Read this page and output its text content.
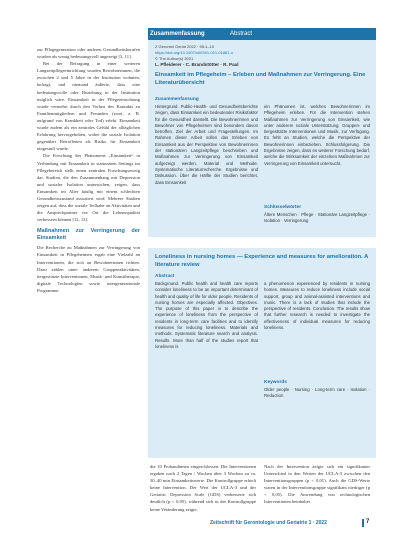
zur Pflegegeneration oder anderen Gesundheitsberufen wurden als wenig bedeutungsvoll angezeigt [3, 11].

Bei der Befragung in einer weiteren Langzeitpflegeeinrichtung wurden Bewohnerinnen, die zwischen 2 und 5 Jahre in der Institution wohnten, befragt, und niemand äußerte, dass eine bedeutungsvolle oder Beziehung in der Institution möglich wäre. Einsamkeit in der Pflegeeinrichtung wurde vermehrt durch den Verlust des Kontakts zu Familienmitgliedern und Freunden (zwei, z. B. aufgrund von Krankheit oder Tod) erlebt. Einsamkeit wurde zudem als ein zentrales Gefühl der alltäglichen Erfahrung hervorgehoben, wobei die soziale Isolation gegenüber Betroffenen als Risiko für Einsamkeit eingestuft wurde.

Die Forschung des Phänomens „Einsamkeit“ in Verbindung mit Einsamkeit in stationären Settings im Pflegebereich stellt einen zentralen Forschungszweig dar. Studien, die den Zusammenhang mit Depression und sozialer Isolation untersuchen, zeigen, dass Einsamkeit im Alter häufig mit einem schlechten Gesundheitszustand assoziiert wird. Mehrere Studien zeigen auf, dass die soziale Teilhabe an Aktivitäten und die Ansprechpartner vor Ort die Lebensqualität verbessern können [12, 13].

Maßnahmen zur Verringerung der Einsamkeit

Die Recherche zu Maßnahmen zur Verringerung von Einsamkeit in Pflegeheimen ergab eine Vielzahl an Interventionen, die sich an Bewohnerinnen richten. Dazu zählen unter anderem Gruppenaktivitäten, tiergestützte Interventionen, Musik- und Kunsttherapie, digitale Technologien sowie intergenerationale Programme.

Zusammenfassung	Abstract
Z Gerontol Geriat 2022 · 55:1–10
https://doi.org/10.1007/s00391-021-01881-x
© The Author(s) 2021
L. Pfleiderer · C. Brandstötter · R. Paal
Einsamkeit im Pflegeheim – Erleben und Maßnahmen zur Verringerung. Eine Literaturübersicht
Zusammenfassung
Hintergrund. Public-Health- und Gesundheitsberichte zeigen, dass Einsamkeit ein bedeutender Risikofaktor für die Gesundheit darstellt. Die Bewohnerinnen und Bewohner von Pflegeheimen sind besonders davon betroffen. Ziel der Arbeit und Fragestellungen. Im Rahmen dieser Arbeit sollen das Erleben von Einsamkeit aus der Perspektive von Bewohnerinnen der stationären Langzeitpflege beschrieben und Maßnahmen zur Verringerung von Einsamkeit aufgezeigt werden. Material und Methode. Systematische Literaturrecherche. Ergebnisse und Diskussion. Über die Hälfte der Studien berichtet, dass Einsamkeit
ein Phänomen ist, welches Bewohnerinnen im Pflegeheim erleben. Für die Intervention stehen Maßnahmen zur Verringerung von Einsamkeit, wie unter anderem soziale Unterstützung, Gruppen- und tiergestützte Interventionen und Musik, zur Verfügung. Es fehlt an Studien, welche die Perspektive der Bewohnerinnen einbeziehen. Schlussfolgerung. Die Ergebnisse zeigen, dass es weiterer Forschung bedarf, welche die Wirksamkeit der einzelnen Maßnahmen zur Verringerung von Einsamkeit untersucht.
Schlüsselwörter
Ältere Menschen · Pflege · Stationäre Langzeitpflege · Isolation · Verringerung
Loneliness in nursing homes — Experience and measures for amelioration. A literature review
Abstract
Background. Public health and health care reports consider loneliness to be an important determinant of health and quality of life for older people. Residents of nursing homes are especially affected. Objectives. The purpose of this paper is to describe the experience of loneliness from the perspective of residents in long-term care facilities and to identify measures for reducing loneliness. Materials and methods. Systematic literature search and analysis. Results. More than half of the studies report that loneliness is
a phenomenon experienced by residents in nursing homes. Measures to reduce loneliness include social support, group and animal-assisted interventions and music. There is a lack of studies that include the perspective of residents. Conclusion. The results show that further research is needed to investigate the effectiveness of individual measures for reducing loneliness.
Keywords
Older people · Nursing · Long-term care · Isolation · Reduction
die 10 Probandinnen eingeschlossen. Die Interventionen ergaben nach 2 Tagen / Wochen über 3 Wochen zu ca. 30–40 min Einsamkeitswerte. Die Kontrollgruppe erhielt keine Intervention. Der Wert der UCLA-3 und der Geriatric Depression Scale (GDS) verbesserte sich deutlich (p < 0,05), während sich in der Kontrollgruppe keine Veränderung zeigte.
Nach der Intervention zeigte sich ein signifikanter Unterschied in den Werten der UCLA-3 zwischen den Interventionsgruppen (p < 0,01). Auch die GDS-Werte waren in der Interventionsgruppe signifikant niedriger (p < 0,05). Die Anwendung von technologischen Interventionen beinhaltet
Zeitschrift für Gerontologie und Geriatrie 1 · 2022	7
